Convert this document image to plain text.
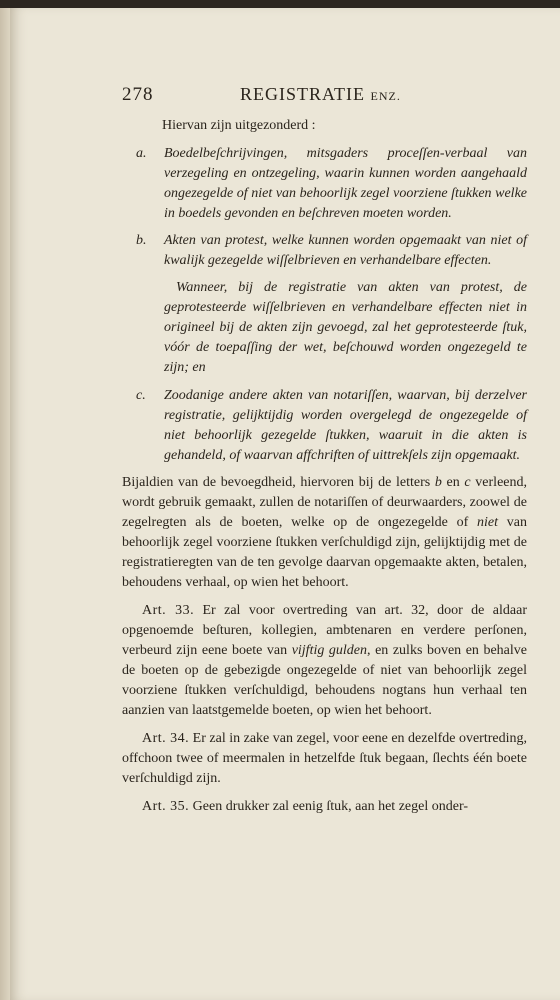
278	REGISTRATIE ENZ.

Hiervan zijn uitgezonderd :

a. Boedelbeſchrijvingen, mitsgaders proceſſen-verbaal van verzegeling en ontzegeling, waarin kunnen worden aangehaald ongezegelde of niet van behoorlijk zegel voorziene ſtukken welke in boedels gevonden en beſchreven moeten worden.
b. Akten van protest, welke kunnen worden opgemaakt van niet of kwalijk gezegelde wiſſelbrieven en verhandelbare effecten.

Wanneer, bij de registratie van akten van protest, de geprotesteerde wiſſelbrieven en verhandelbare effecten niet in origineel bij de akten zijn gevoegd, zal het geprotesteerde ſtuk, vóór de toepaſſing der wet, beſchouwd worden ongezegeld te zijn; en

c. Zoodanige andere akten van notariſſen, waarvan, bij derzelver registratie, gelijktijdig worden overgelegd de ongezegelde of niet behoorlijk gezegelde ſtukken, waaruit in die akten is gehandeld, of waarvan affchriften of uittrekſels zijn opgemaakt.

Bijaldien van de bevoegdheid, hiervoren bij de letters b en c verleend, wordt gebruik gemaakt, zullen de notariſſen of deurwaarders, zoowel de zegelregten als de boeten, welke op de ongezegelde of niet van behoorlijk zegel voorziene ſtukken verſchuldigd zijn, gelijktijdig met de registratieregten van de ten gevolge daarvan opgemaakte akten, betalen, behoudens verhaal, op wien het behoort.

Art. 33. Er zal voor overtreding van art. 32, door de aldaar opgenoemde beſturen, kollegien, ambtenaren en verdere perſonen, verbeurd zijn eene boete van vijftig gulden, en zulks boven en behalve de boeten op de gebezigde ongezegelde of niet van behoorlijk zegel voorziene ſtukken verſchuldigd, behoudens nogtans hun verhaal ten aanzien van laatstgemelde boeten, op wien het behoort.

Art. 34. Er zal in zake van zegel, voor eene en dezelfde overtreding, offchoon twee of meermalen in hetzelfde ſtuk begaan, ſlechts één boete verſchuldigd zijn.

Art. 35. Geen drukker zal eenig ſtuk, aan het zegel onder-
